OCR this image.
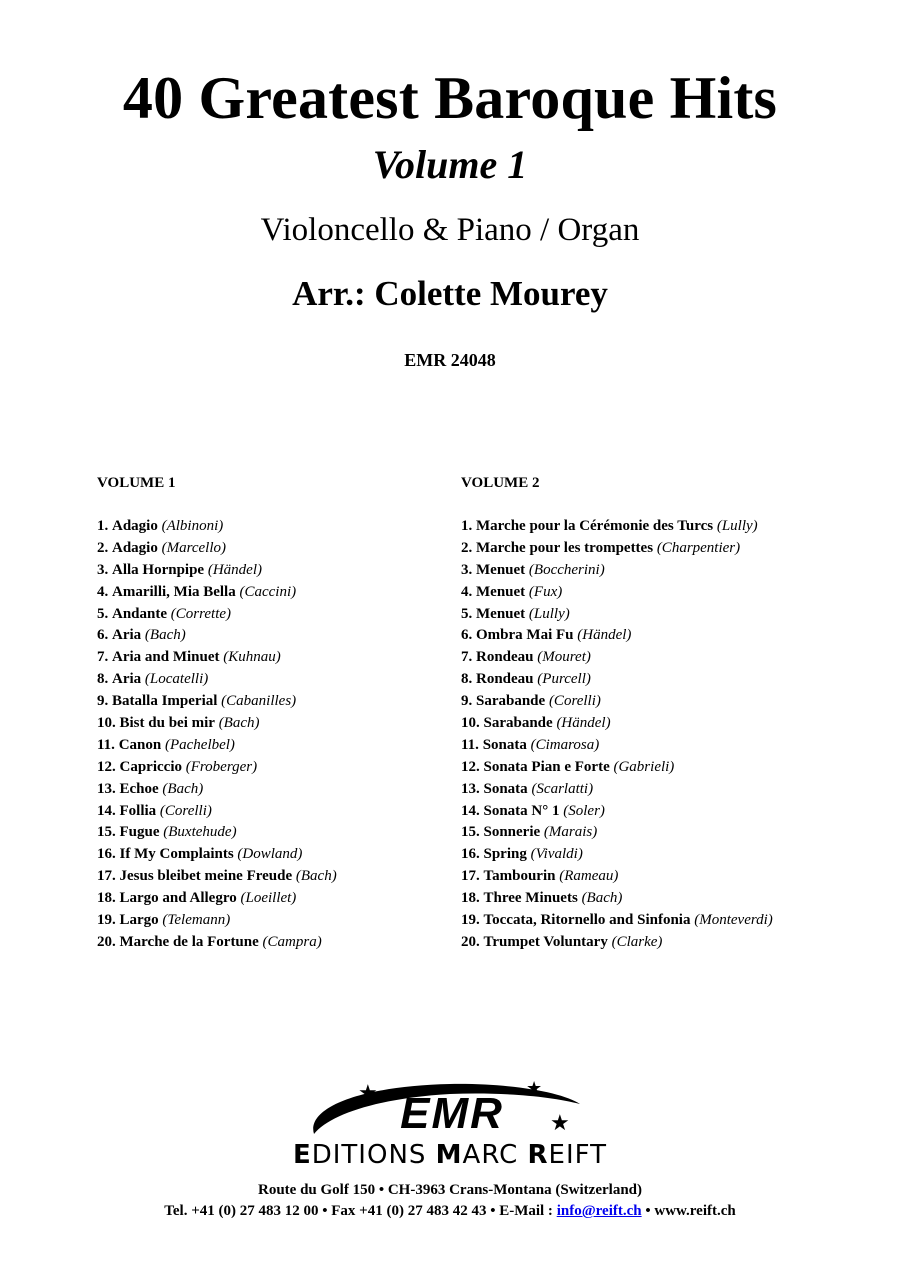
40 Greatest Baroque Hits
Volume 1
Violoncello & Piano / Organ
Arr.: Colette Mourey
EMR 24048
VOLUME 1
1. Adagio (Albinoni)
2. Adagio (Marcello)
3. Alla Hornpipe (Händel)
4. Amarilli, Mia Bella (Caccini)
5. Andante (Corrette)
6. Aria (Bach)
7. Aria and Minuet (Kuhnau)
8. Aria (Locatelli)
9. Batalla Imperial (Cabanilles)
10. Bist du bei mir (Bach)
11. Canon (Pachelbel)
12. Capriccio (Froberger)
13. Echoe (Bach)
14. Follia (Corelli)
15. Fugue (Buxtehude)
16. If My Complaints (Dowland)
17. Jesus bleibet meine Freude (Bach)
18. Largo and Allegro (Loeillet)
19. Largo (Telemann)
20. Marche de la Fortune (Campra)
VOLUME 2
1. Marche pour la Cérémonie des Turcs (Lully)
2. Marche pour les trompettes (Charpentier)
3. Menuet (Boccherini)
4. Menuet (Fux)
5. Menuet (Lully)
6. Ombra Mai Fu (Händel)
7. Rondeau (Mouret)
8. Rondeau (Purcell)
9. Sarabande (Corelli)
10. Sarabande (Händel)
11. Sonata (Cimarosa)
12. Sonata Pian e Forte (Gabrieli)
13. Sonata (Scarlatti)
14. Sonata N° 1 (Soler)
15. Sonnerie (Marais)
16. Spring (Vivaldi)
17. Tambourin (Rameau)
18. Three Minuets (Bach)
19. Toccata, Ritornello and Sinfonia (Monteverdi)
20. Trumpet Voluntary (Clarke)
★	★
★
EMR
EDITIONS MARC REIFT
Route du Golf 150 • CH-3963 Crans-Montana (Switzerland)
Tel. +41 (0) 27 483 12 00 • Fax +41 (0) 27 483 42 43 • E-Mail : info@reift.ch • www.reift.ch
